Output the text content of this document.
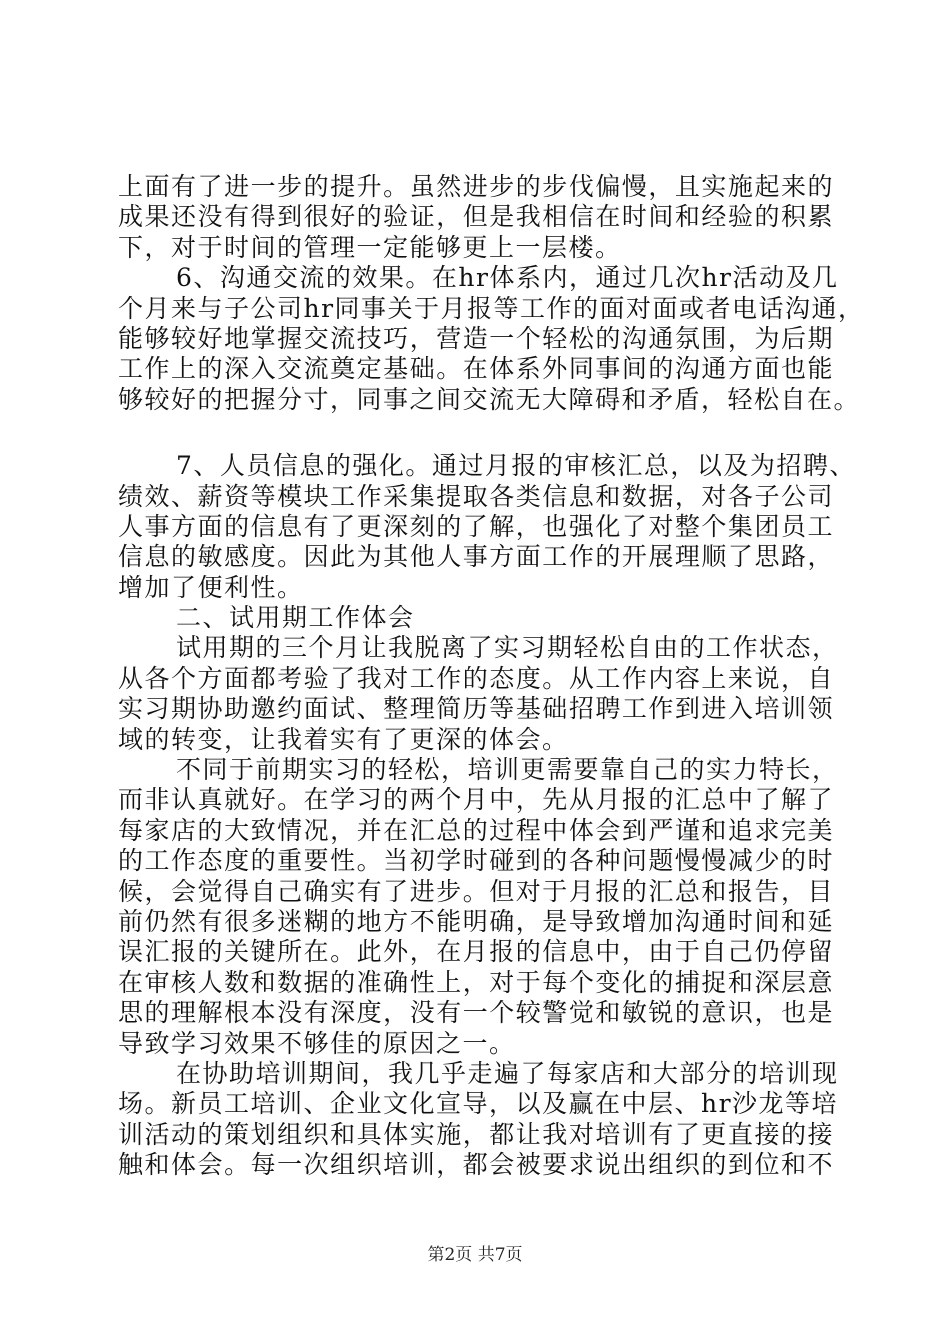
上面有了进一步的提升。虽然进步的步伐偏慢，且实施起来的
成果还没有得到很好的验证，但是我相信在时间和经验的积累
下，对于时间的管理一定能够更上一层楼。
6、沟通交流的效果。在hr体系内，通过几次hr活动及几
个月来与子公司hr同事关于月报等工作的面对面或者电话沟通，
能够较好地掌握交流技巧，营造一个轻松的沟通氛围，为后期
工作上的深入交流奠定基础。在体系外同事间的沟通方面也能
够较好的把握分寸，同事之间交流无大障碍和矛盾，轻松自在。
7、人员信息的强化。通过月报的审核汇总，以及为招聘、
绩效、薪资等模块工作采集提取各类信息和数据，对各子公司
人事方面的信息有了更深刻的了解，也强化了对整个集团员工
信息的敏感度。因此为其他人事方面工作的开展理顺了思路，
增加了便利性。
二、试用期工作体会
试用期的三个月让我脱离了实习期轻松自由的工作状态，
从各个方面都考验了我对工作的态度。从工作内容上来说，自
实习期协助邀约面试、整理简历等基础招聘工作到进入培训领
域的转变，让我着实有了更深的体会。
不同于前期实习的轻松，培训更需要靠自己的实力特长，
而非认真就好。在学习的两个月中，先从月报的汇总中了解了
每家店的大致情况，并在汇总的过程中体会到严谨和追求完美
的工作态度的重要性。当初学时碰到的各种问题慢慢减少的时
候，会觉得自己确实有了进步。但对于月报的汇总和报告，目
前仍然有很多迷糊的地方不能明确，是导致增加沟通时间和延
误汇报的关键所在。此外，在月报的信息中，由于自己仍停留
在审核人数和数据的准确性上，对于每个变化的捕捉和深层意
思的理解根本没有深度，没有一个较警觉和敏锐的意识，也是
导致学习效果不够佳的原因之一。
在协助培训期间，我几乎走遍了每家店和大部分的培训现
场。新员工培训、企业文化宣导，以及赢在中层、hr沙龙等培
训活动的策划组织和具体实施，都让我对培训有了更直接的接
触和体会。每一次组织培训，都会被要求说出组织的到位和不
第2页 共7页
